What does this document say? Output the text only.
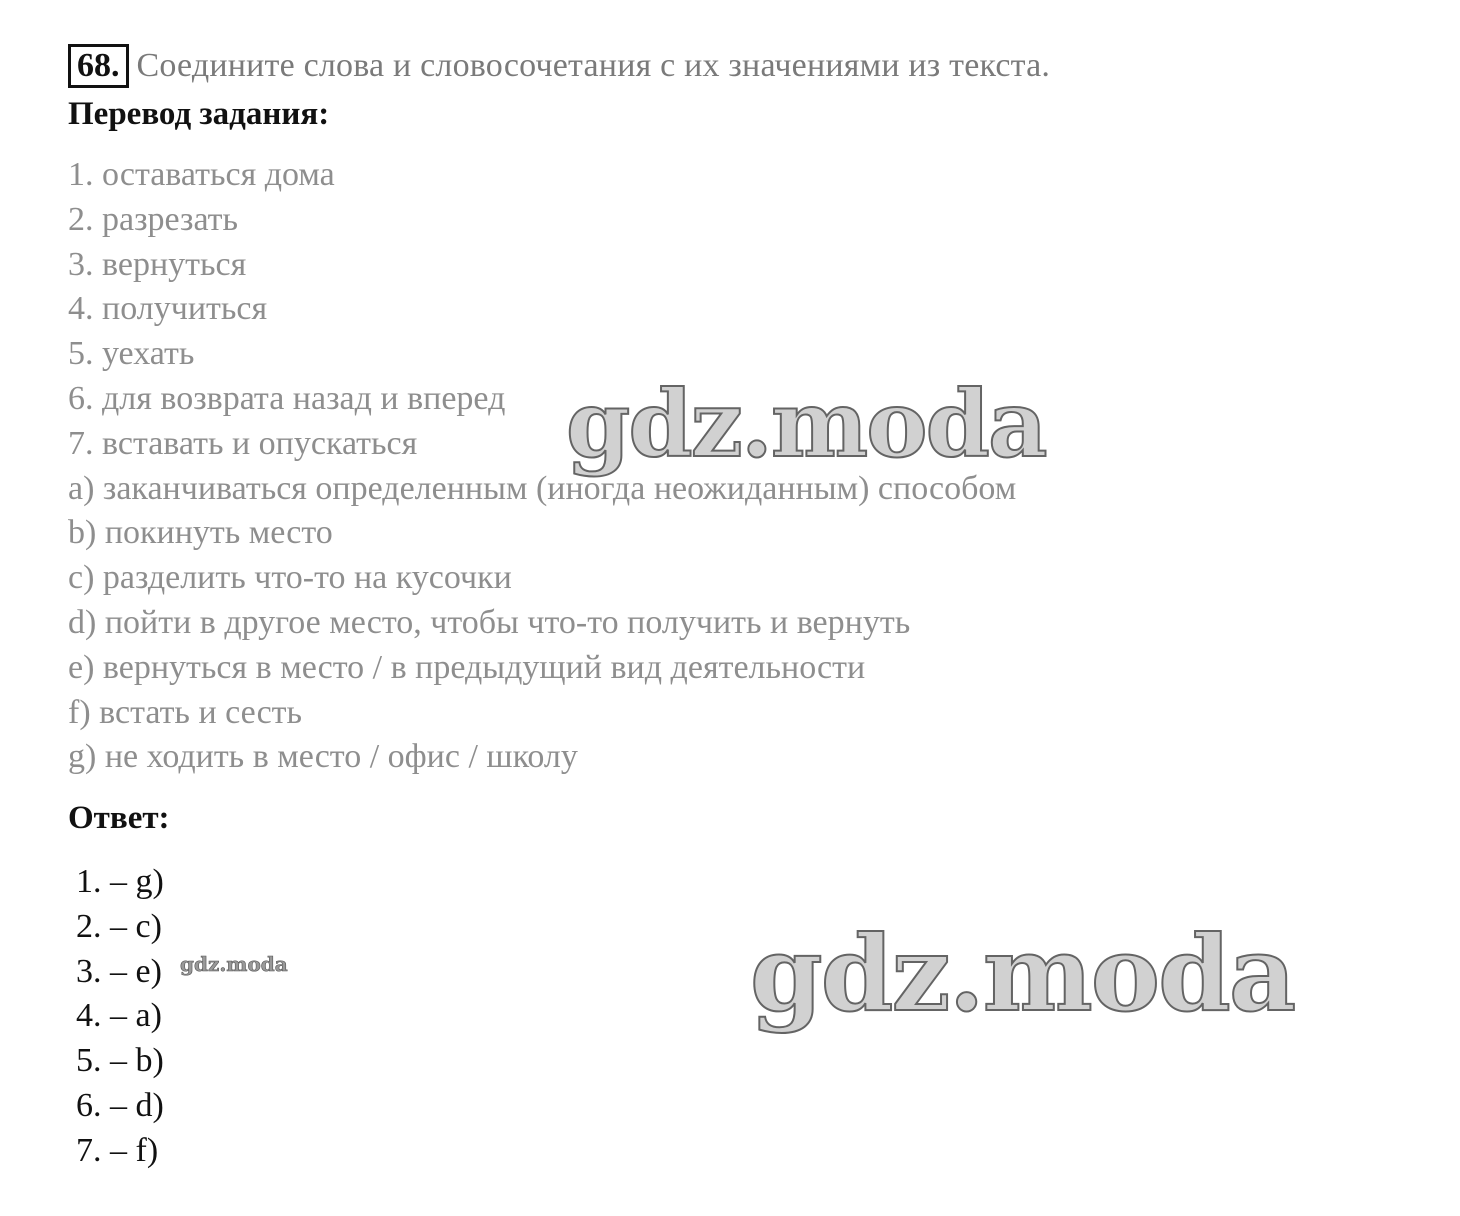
68. Соедините слова и словосочетания с их значениями из текста.
Перевод задания:
1. оставаться дома
2. разрезать
3. вернуться
4. получиться
5. уехать
6. для возврата назад и вперед
7. вставать и опускаться
a) заканчиваться определенным (иногда неожиданным) способом
b) покинуть место
c) разделить что-то на кусочки
d) пойти в другое место, чтобы что-то получить и вернуть
e) вернуться в место / в предыдущий вид деятельности
f) встать и сесть
g) не ходить в место / офис / школу
Ответ:
1. – g)
2. – c)
3. – e)
4. – a)
5. – b)
6. – d)
7. – f)
gdz.moda
gdz.moda
gdz.moda
